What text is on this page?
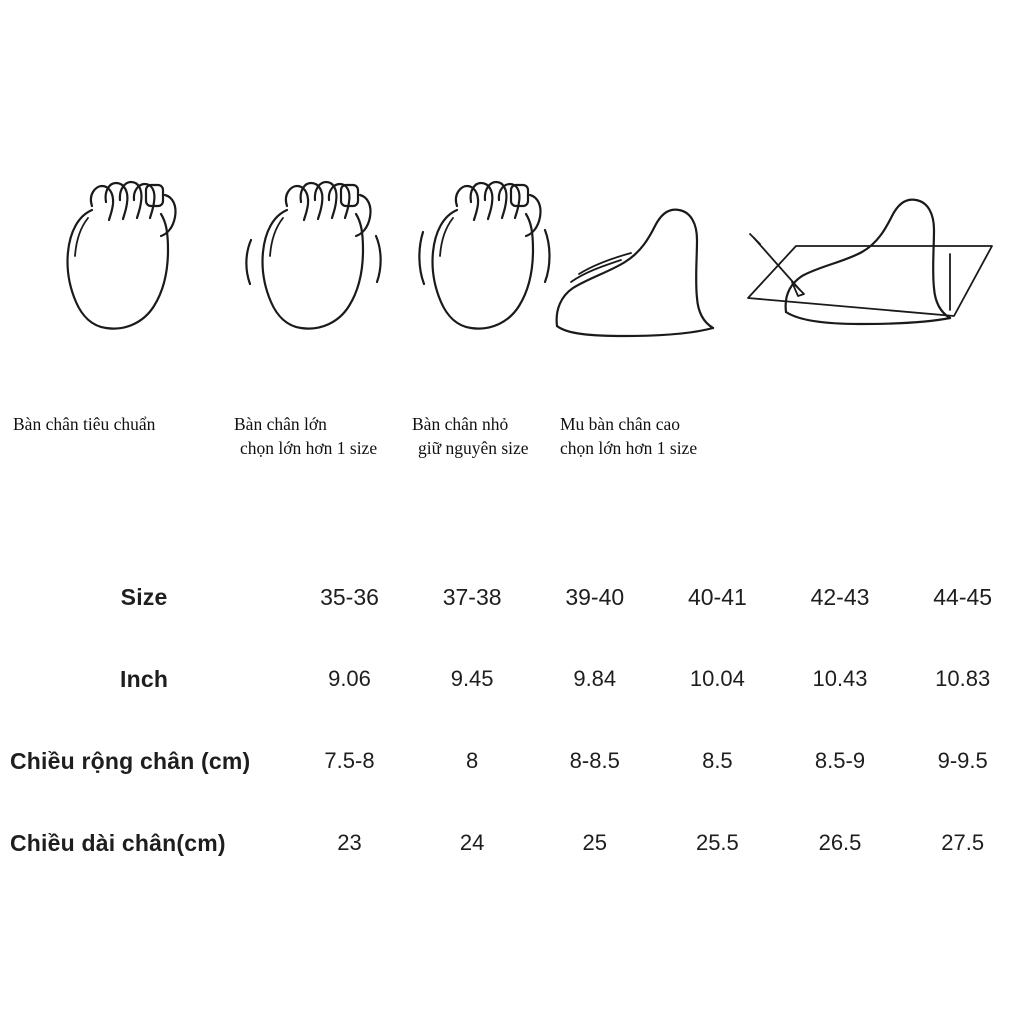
Bàn chân tiêu chuẩn	Bàn chân lớn
chọn lớn hơn 1 size
Bàn chân nhỏ
giữ nguyên size
Mu bàn chân cao
chọn lớn hơn 1 size
Size	35-36	37-38	39-40	40-41	42-43	44-45
Inch	9.06	9.45	9.84	10.04	10.43	10.83
Chiều rộng chân (cm)	7.5-8	8	8-8.5	8.5	8.5-9	9-9.5
Chiều dài chân(cm)	23	24	25	25.5	26.5	27.5
